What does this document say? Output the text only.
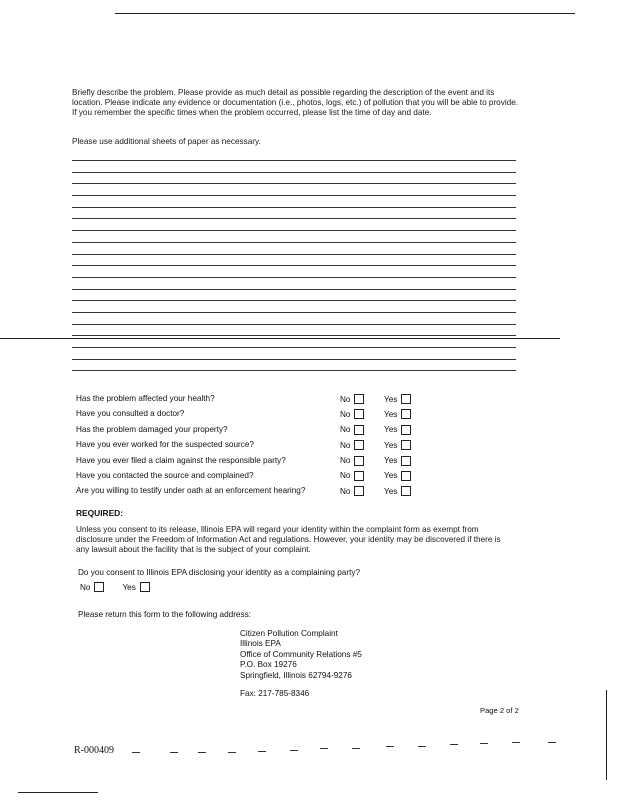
Briefly describe the problem. Please provide as much detail as possible regarding the description of the event and its location. Please indicate any evidence or documentation (i.e., photos, logs, etc.) of pollution that you will be able to provide. If you remember the specific times when the problem occurred, please list the time of day and date.
Please use additional sheets of paper as necessary.
Has the problem affected your health?	No	Yes
Have you consulted a doctor?	No	Yes
Has the problem damaged your property?	No	Yes
Have you ever worked for the suspected source?	No	Yes
Have you ever filed a claim against the responsible party?	No	Yes
Have you contacted the source and complained?	No	Yes
Are you willing to testify under oath at an enforcement hearing?	No	Yes
REQUIRED:
Unless you consent to its release, Illinois EPA will regard your identity within the complaint form as exempt from disclosure under the Freedom of Information Act and regulations. However, your identity may be discovered if there is any lawsuit about the facility that is the subject of your complaint.
Do you consent to Illinois EPA disclosing your identity as a complaining party?
No	Yes
Please return this form to the following address:
Citizen Pollution Complaint
Illinois EPA
Office of Community Relations #5
P.O. Box 19276
Springfield, Illinois 62794-9276
Fax: 217-785-8346
Page 2 of 2
R-000409
